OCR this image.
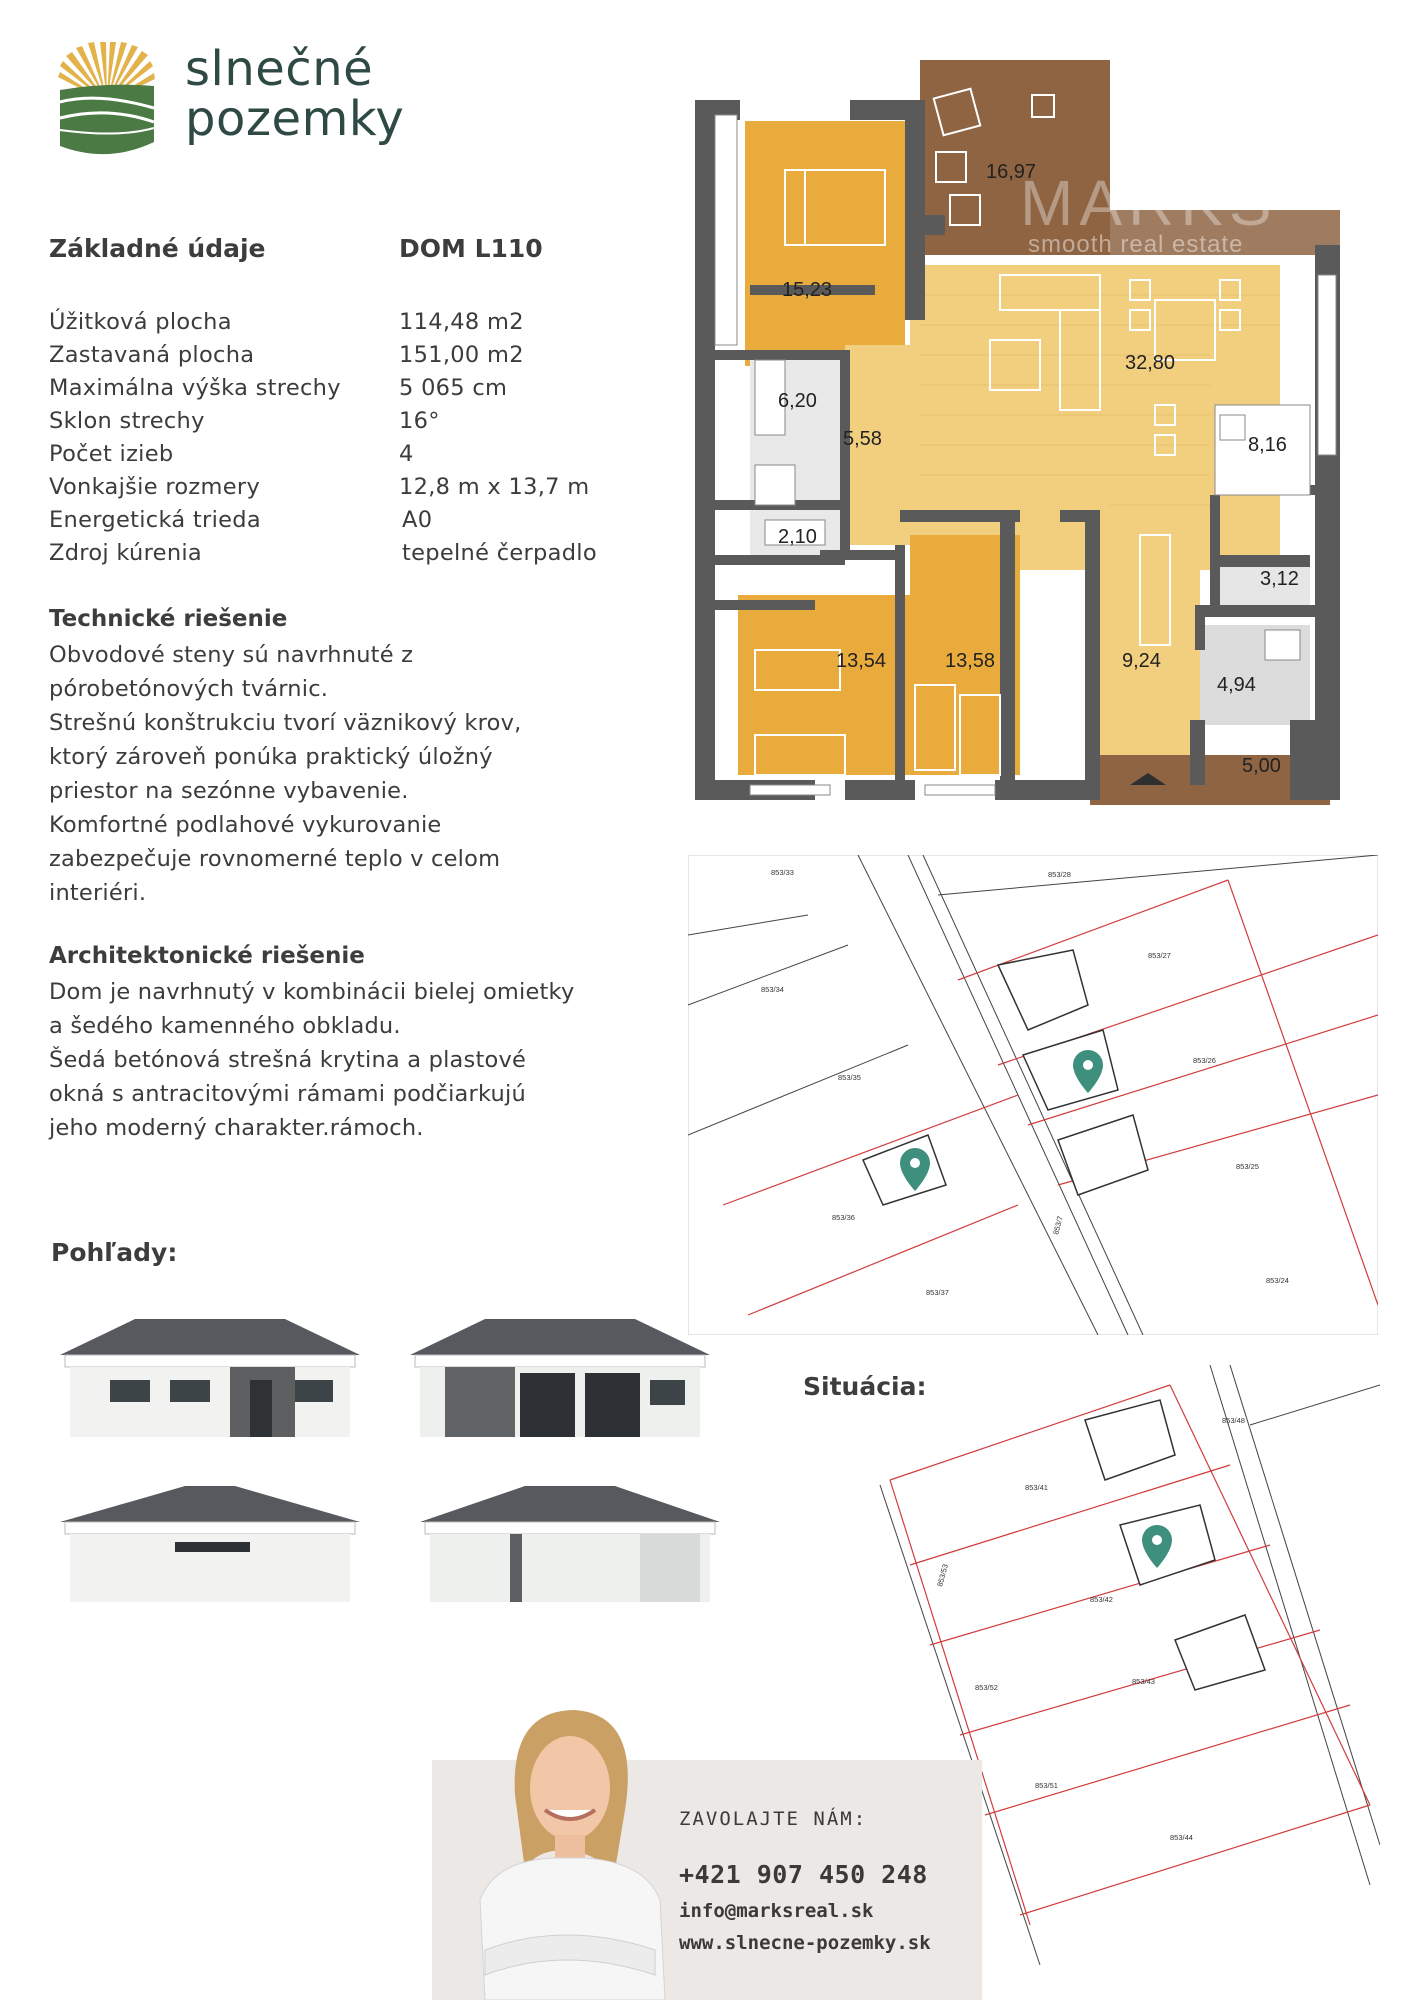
slnečné
pozemky
Základné údaje	DOM L110
Úžitková plocha	114,48 m2
Zastavaná plocha	151,00 m2
Maximálna výška strechy	5 065 cm
Sklon strechy	16°
Počet izieb	4
Vonkajšie rozmery	12,8 m x 13,7 m
Energetická trieda	A0
Zdroj kúrenia	tepelné čerpadlo
Technické riešenie
Obvodové steny sú navrhnuté z
pórobetónových tvárnic.
Strešnú konštrukciu tvorí väznikový krov,
ktorý zároveň ponúka praktický úložný
priestor na sezónne vybavenie.
Komfortné podlahové vykurovanie
zabezpečuje rovnomerné teplo v celom
interiéri.
Architektonické riešenie
Dom je navrhnutý v kombinácii bielej omietky
a šedého kamenného obkladu.
Šedá betónová strešná krytina a plastové
okná s antracitovými rámami podčiarkujú
jeho moderný charakter.rámoch.
Pohľady:
Situácia:
MARKS
smooth real estate
16,97
15,23
32,80
6,20
5,58	8,16
2,10
3,12
13,54	13,58	9,24
4,94
5,00
853/33	853/28
853/34
853/27
853/35
853/26
853/25
853/36
853/37
853/24
853/7
853/48
853/41
853/42
853/52
853/43
853/51
853/44
853/53
ZAVOLAJTE NÁM:
+421 907 450 248
info@marksreal.sk
www.slnecne-pozemky.sk
